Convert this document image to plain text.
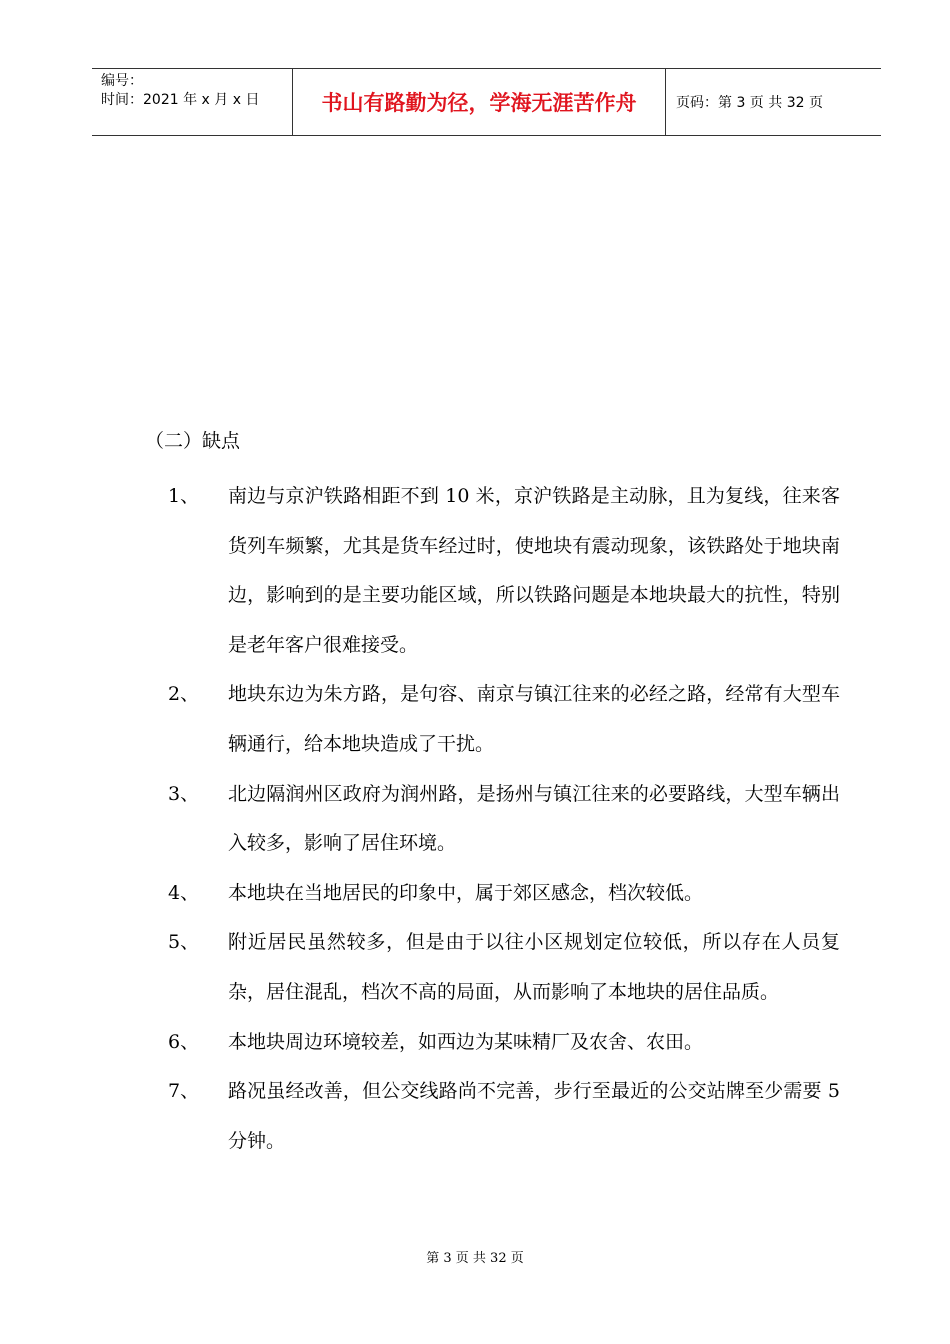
编号：
时间：2021 年 x 月 x 日	书山有路勤为径，学海无涯苦作舟	页码：第 3 页 共 32 页
（二）缺点
1、	南边与京沪铁路相距不到 10 米，京沪铁路是主动脉，且为复线，往来客货列车频繁，尤其是货车经过时，使地块有震动现象，该铁路处于地块南边，影响到的是主要功能区域，所以铁路问题是本地块最大的抗性，特别是老年客户很难接受。
2、	地块东边为朱方路，是句容、南京与镇江往来的必经之路，经常有大型车辆通行，给本地块造成了干扰。
3、	北边隔润州区政府为润州路，是扬州与镇江往来的必要路线，大型车辆出入较多，影响了居住环境。
4、	本地块在当地居民的印象中，属于郊区感念，档次较低。
5、	附近居民虽然较多，但是由于以往小区规划定位较低，所以存在人员复杂，居住混乱，档次不高的局面，从而影响了本地块的居住品质。
6、	本地块周边环境较差，如西边为某味精厂及农舍、农田。
7、	路况虽经改善，但公交线路尚不完善，步行至最近的公交站牌至少需要 5 分钟。
第 3 页 共 32 页
